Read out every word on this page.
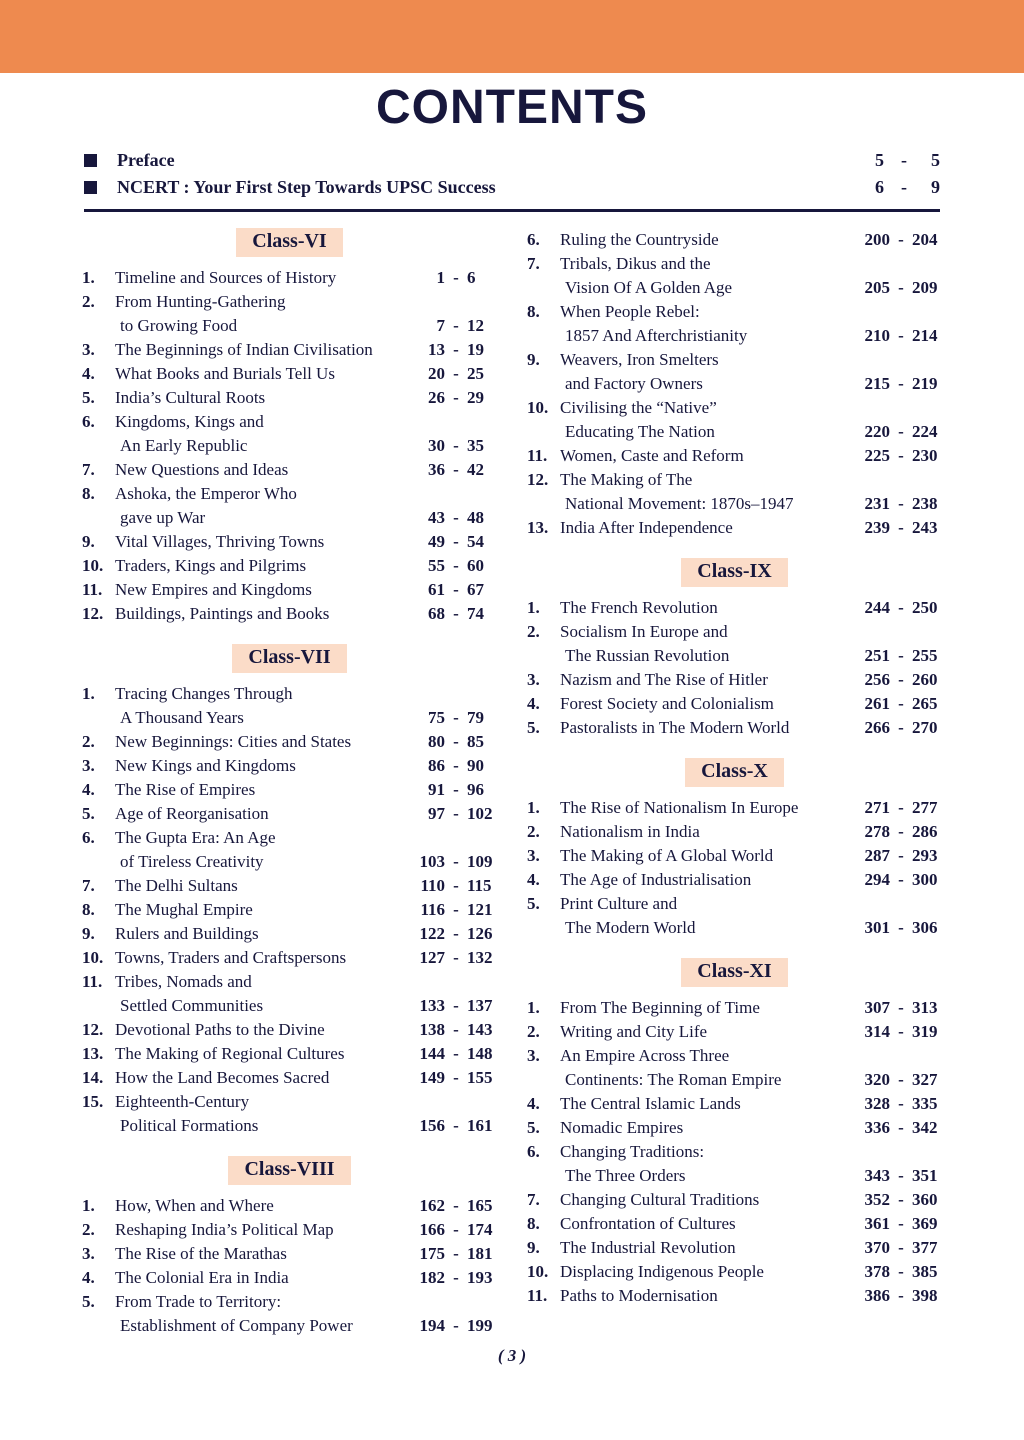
CONTENTS
Preface	5 -	5
NCERT : Your First Step Towards UPSC Success	6 -	9
Class-VI
1.	Timeline and Sources of History	1 - 6
2.	From Hunting-Gathering
to Growing Food	7 - 12
3.	The Beginnings of Indian Civilisation	13 - 19
4.	What Books and Burials Tell Us	20 - 25
5.	India’s Cultural Roots	26 - 29
6.	Kingdoms, Kings and
An Early Republic	30 - 35
7.	New Questions and Ideas	36 - 42
8.	Ashoka, the Emperor Who
gave up War	43 - 48
9.	Vital Villages, Thriving Towns	49 - 54
10. Traders, Kings and Pilgrims	55 - 60
11. New Empires and Kingdoms	61 - 67
12. Buildings, Paintings and Books	68 - 74
Class-VII
1.	Tracing Changes Through
A Thousand Years	75 - 79
2.	New Beginnings: Cities and States	80 - 85
3.	New Kings and Kingdoms	86 - 90
4.	The Rise of Empires	91 - 96
5.	Age of Reorganisation	97 - 102
6.	The Gupta Era: An Age
of Tireless Creativity	103 - 109
7.	The Delhi Sultans	110 - 115
8.	The Mughal Empire	116 - 121
9.	Rulers and Buildings	122 - 126
10. Towns, Traders and Craftspersons	127 - 132
11. Tribes, Nomads and
Settled Communities	133 - 137
12. Devotional Paths to the Divine	138 - 143
13. The Making of Regional Cultures	144 - 148
14. How the Land Becomes Sacred	149 - 155
15. Eighteenth-Century
Political Formations	156 - 161
Class-VIII
1.	How, When and Where	162 - 165
2.	Reshaping India’s Political Map	166 - 174
3.	The Rise of the Marathas	175 - 181
4.	The Colonial Era in India	182 - 193
5.	From Trade to Territory:
Establishment of Company Power	194 - 199
6.	Ruling the Countryside	200 - 204
7.	Tribals, Dikus and the
Vision Of A Golden Age	205 - 209
8.	When People Rebel:
1857 And Afterchristianity	210 - 214
9.	Weavers, Iron Smelters
and Factory Owners	215 - 219
10. Civilising the “Native”
Educating The Nation	220 - 224
11. Women, Caste and Reform	225 - 230
12. The Making of The
National Movement: 1870s–1947	231 - 238
13. India After Independence	239 - 243
Class-IX
1.	The French Revolution	244 - 250
2.	Socialism In Europe and
The Russian Revolution	251 - 255
3.	Nazism and The Rise of Hitler	256 - 260
4.	Forest Society and Colonialism	261 - 265
5.	Pastoralists in The Modern World	266 - 270
Class-X
1.	The Rise of Nationalism In Europe	271 - 277
2.	Nationalism in India	278 - 286
3.	The Making of A Global World	287 - 293
4.	The Age of Industrialisation	294 - 300
5.	Print Culture and
The Modern World	301 - 306
Class-XI
1.	From The Beginning of Time	307 - 313
2.	Writing and City Life	314 - 319
3.	An Empire Across Three
Continents: The Roman Empire	320 - 327
4.	The Central Islamic Lands	328 - 335
5.	Nomadic Empires	336 - 342
6.	Changing Traditions:
The Three Orders	343 - 351
7.	Changing Cultural Traditions	352 - 360
8.	Confrontation of Cultures	361 - 369
9.	The Industrial Revolution	370 - 377
10. Displacing Indigenous People	378 - 385
11. Paths to Modernisation	386 - 398
( 3 )
